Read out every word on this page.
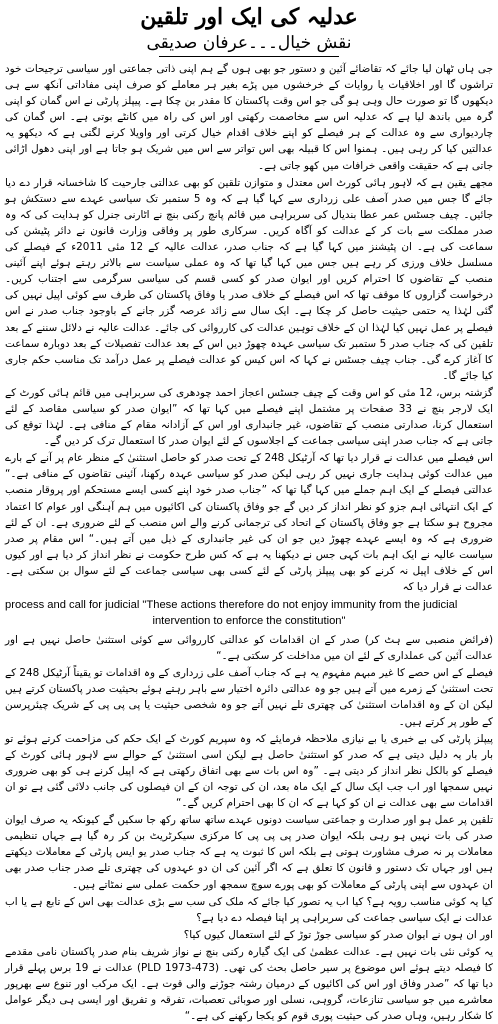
عدلیہ کی ایک اور تلقین
نقش خیال۔۔۔عرفان صدیقی

جی ہاں ٹھان لیا جائے کہ تقاضائے آئین و دستور جو بھی ہوں گے ہم اپنی ذاتی جماعتی اور سیاسی ترجیحات خود تراشوں گا اور اخلاقیات یا روایات کے خرخشوں میں پڑے بغیر ہر معاملے کو صرف اپنی مفاداتی آنکھ سے ہی دیکھوں گا تو صورت حال وہی ہو گی جو اس وقت پاکستان کا مقدر بن چکا ہے۔ پیپلز پارٹی نے اس گمان کو اپنی گرہ میں باندھ لیا ہے کہ عدلیہ اس سے مخاصمت رکھتی اور اس کی راہ میں کانٹے بوتی ہے۔ اس گمان کی چاردیواری سے وہ عدالت کے ہر فیصلے کو اپنے خلاف اقدام خیال کرتی اور واویلا کرنے لگتی ہے کہ دیکھو یہ عدالتیں کیا کر رہی ہیں۔ ہمنوا اس کا قبیلہ بھی اس تواتر سے اس میں شریک ہو جاتا ہے اور اپنی دھول اڑائی جاتی ہے کہ حقیقت واقعی خرافات میں کھو جاتی ہے۔

مجھے یقین ہے کہ لاہور ہائی کورٹ اس معتدل و متوازن تلقین کو بھی عدالتی جارحیت کا شاخسانہ قرار دے دیا جائے گا جس میں صدر آصف علی زرداری سے کہا گیا ہے کہ وہ 5 ستمبر تک سیاسی عہدے سے دستکش ہو جائیں۔ چیف جسٹس عمر عطا بندیال کی سربراہی میں قائم پانچ رکنی بنچ نے اٹارنی جنرل کو ہدایت کی کہ وہ صدر مملکت سے بات کر کے عدالت کو آگاہ کریں۔ سرکاری طور پر وفاقی وزارت قانون نے دائر پٹیشن کی سماعت کی ہے۔ ان پٹیشنز میں کہا گیا ہے کہ جناب صدر، عدالت عالیہ کے 12 مئی 2011ء کے فیصلے کی مسلسل خلاف ورزی کر رہے ہیں جس میں کہا گیا تھا کہ وہ عملی سیاست سے بالاتر رہتے ہوئے اپنے آئینی منصب کے تقاضوں کا احترام کریں اور ایوان صدر کو کسی قسم کی سیاسی سرگرمی سے اجتناب کریں۔ درخواست گزاروں کا موقف تھا کہ اس فیصلے کے خلاف صدر یا وفاق پاکستان کی طرف سے کوئی اپیل نہیں کی گئی لہٰذا یہ حتمی حیثیت حاصل کر چکا ہے۔ ایک سال سے زائد عرصہ گزر جانے کے باوجود جناب صدر نے اس فیصلے پر عمل نہیں کیا لہٰذا ان کے خلاف توہین عدالت کی کارروائی کی جائے۔ عدالت عالیہ نے دلائل سننے کے بعد تلقین کی کہ جناب صدر 5 ستمبر تک سیاسی عہدہ چھوڑ دیں اس کے بعد عدالت تفصیلات کے بعد دوبارہ سماعت کا آغاز کرے گی۔ جناب چیف جسٹس نے کہا کہ اس کیس کو عدالت فیصلے پر عمل درآمد تک مناسب حکم جاری کیا جائے گا۔

گزشتہ برس، 12 مئی کو اس وقت کے چیف جسٹس اعجاز احمد چودھری کی سربراہی میں قائم ہائی کورٹ کے ایک لارجر بنچ نے 33 صفحات پر مشتمل اپنے فیصلے میں کہا تھا کہ ”ایوان صدر کو سیاسی مقاصد کے لئے استعمال کرنا، صدارتی منصب کے تقاضوں، غیر جانبداری اور اس کے آزادانہ مقام کے منافی ہے۔ لہٰذا توقع کی جاتی ہے کہ جناب صدر اپنی سیاسی جماعت کے اجلاسوں کے لئے ایوان صدر کا استعمال ترک کر دیں گے۔

اس فیصلے میں عدالت نے قرار دیا تھا کہ آرٹیکل 248 کے تحت صدر کو حاصل استثنیٰ کے منظر عام پر آنے کے بارے میں عدالت کوئی ہدایت جاری نہیں کر رہی لیکن صدر کو سیاسی عہدہ رکھنا، آئینی تقاضوں کے منافی ہے۔“ عدالتی فیصلے کے ایک اہم جملے میں کہا گیا تھا کہ ”جناب صدر خود اپنے کسی ایسے مستحکم اور پروقار منصب کے ایک انتہائی اہم جزو کو نظر انداز کر دیں گے جو وفاق پاکستان کی اکائیوں میں ہم آہنگی اور عوام کا اعتماد مجروح ہو سکتا ہے جو وفاق پاکستان کے اتحاد کی ترجمانی کرنے والے اس منصب کے لئے ضروری ہے۔ ان کے لئے ضروری ہے کہ وہ ایسے عہدے چھوڑ دیں جو ان کی غیر جانبداری کے ذیل میں آتے ہیں۔“ اس مقام پر صدر سیاست عالیہ نے ایک اہم بات کہی جس نے دیکھنا یہ ہے کہ کس طرح حکومت نے نظر انداز کر دیا ہے اور کیوں اس کے خلاف اپیل نہ کرنے کو بھی پیپلز پارٹی کے لئے کسی بھی سیاسی جماعت کے لئے سوال بن سکتی ہے۔ عدالت نے قرار دیا کہ

process and call for judicial "These actions therefore do not enjoy immunity from the judicial
intervention to enforce the constitution"

(فرائض منصبی سے ہٹ کر) صدر کے ان اقدامات کو عدالتی کارروائی سے کوئی استثنیٰ حاصل نہیں ہے اور عدالت آئین کی عملداری کے لئے ان میں مداخلت کر سکتی ہے۔“

فیصلے کے اس حصے کا غیر مبہم مفہوم یہ ہے کہ جناب آصف علی زرداری کے وہ اقدامات تو یقیناً آرٹیکل 248 کے تحت استثنیٰ کے زمرے میں آتے ہیں جو وہ عدالتی دائرہ اختیار سے باہر رہتے ہوئے بحیثیت صدر پاکستان کرتے ہیں لیکن ان کے وہ اقدامات استثنیٰ کی چھتری تلے نہیں آتے جو وہ شخصی حیثیت یا پی پی پی کے شریک چیئرپرسن کے طور پر کرتے ہیں۔

پیپلز پارٹی کی بے خبری یا بے نیازی ملاحظہ فرمایئے کہ وہ سپریم کورٹ کے ایک حکم کی مزاحمت کرتے ہوئے تو بار بار یہ دلیل دیتی ہے کہ صدر کو استثنیٰ حاصل ہے لیکن اسی استثنیٰ کے حوالے سے لاہور ہائی کورٹ کے فیصلے کو بالکل نظر انداز کر دیتی ہے۔ ”وہ اس بات سے بھی اتفاق رکھتی ہے کہ اپیل کرنے ہی کو بھی ضروری نہیں سمجھا اور اب جب ایک سال کے ایک ماہ بعد، ان کی توجہ ان کے ان فیصلوں کی جانب دلائی گئی ہے تو ان اقدامات سے بھی عدالت نے ان کو کہا ہے کہ ان کا بھی احترام کریں گے۔“

تلقین پر عمل ہو اور صدارت و جماعتی سیاست دونوں عہدے ساتھ ساتھ رکھ جا سکیں گے کیونکہ یہ صرف ایوان صدر کی بات نہیں ہو رہی بلکہ ایوان صدر پی پی پی کا مرکزی سیکرٹریٹ بن کر رہ گیا ہے جہاں تنظیمی معاملات پر نہ صرف مشاورت ہوتی ہے بلکہ اس کا ثبوت یہ ہے کہ جناب صدر یو ایس پارٹی کے معاملات دیکھتے ہیں اور جہاں تک دستور و قانون کا تعلق ہے کہ اگر آئین کی ان دو عہدوں کی چھتری تلے صدر جناب صدر بھی ان عہدوں سے اپنی پارٹی کے معاملات کو بھی پورے سوچ سمجھ اور حکمت عملی سے نمٹاتے ہیں۔

کیا یہ کوئی مناسب رویہ ہے؟ کیا اب یہ تصور کیا جائے کہ ملک کی سب سے بڑی عدالت بھی اس کے تابع ہے یا اب عدالت نے ایک سیاسی جماعت کی سربراہی پر اپنا فیصلہ دے دیا ہے؟

اور ان ہوں نے ایوان صدر کو سیاسی جوڑ توڑ کے لئے استعمال کیوں کیا؟

یہ کوئی نئی بات نہیں ہے۔ عدالت عظمیٰ کی ایک گیارہ رکنی بنچ نے نواز شریف بنام صدر پاکستان نامی مقدمے کا فیصلہ دیتے ہوئے اس موضوع پر سیر حاصل بحث کی تھی۔ (PLD 1973-473) عدالت نے 19 برس پہلے قرار دیا تھا کہ ”صدر وفاق اور اس کی اکائیوں کے درمیان رشتہ جوڑنے والی قوت ہے۔ ایک مرکب اور تنوع سے بھرپور معاشرے میں جو سیاسی تنازعات، گروہی، نسلی اور صوبائی تعصبات، تفرقہ و تفریق اور ایسی ہی دیگر عوامل کا شکار رہیں، وہاں صدر کی حیثیت پوری قوم کو یکجا رکھنے کی ہے۔“
